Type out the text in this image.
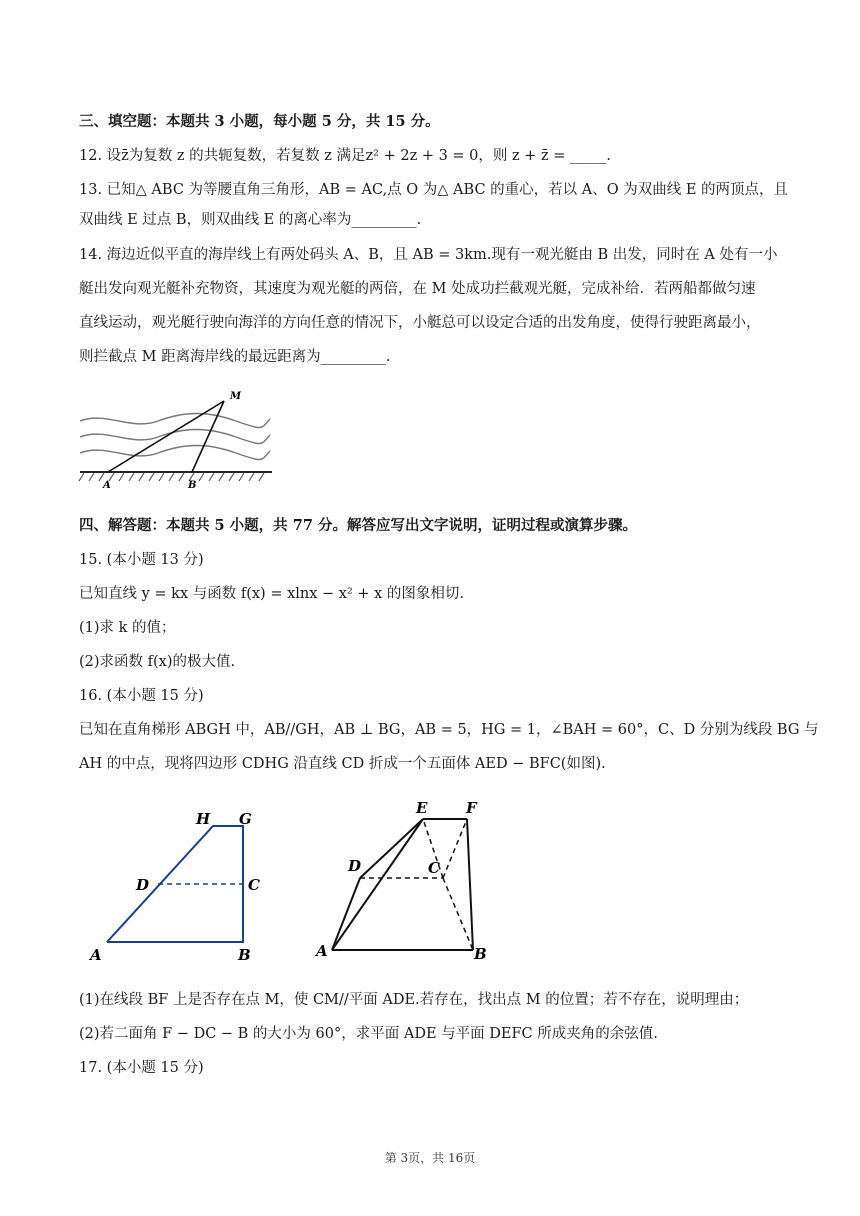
三、填空题：本题共 3 小题，每小题 5 分，共 15 分。
12. 设z̄为复数 z 的共轭复数，若复数 z 满足z² + 2z + 3 = 0，则 z + z̄ = _____.
13. 已知△ ABC 为等腰直角三角形，AB = AC,点 O 为△ ABC 的重心，若以 A、O 为双曲线 E 的两顶点，且
双曲线 E 过点 B，则双曲线 E 的离心率为_________.
14. 海边近似平直的海岸线上有两处码头 A、B，且 AB = 3km.现有一观光艇由 B 出发，同时在 A 处有一小
艇出发向观光艇补充物资，其速度为观光艇的两倍，在 M 处成功拦截观光艇，完成补给．若两船都做匀速
直线运动，观光艇行驶向海洋的方向任意的情况下，小艇总可以设定合适的出发角度，使得行驶距离最小，
则拦截点 M 距离海岸线的最远距离为_________.
A	B
M
四、解答题：本题共 5 小题，共 77 分。解答应写出文字说明，证明过程或演算步骤。
15. (本小题 13 分)
已知直线 y = kx 与函数 f(x) = xlnx − x² + x 的图象相切.
(1)求 k 的值；
(2)求函数 f(x)的极大值.
16. (本小题 15 分)
已知在直角梯形 ABGH 中，AB//GH，AB ⊥ BG，AB = 5，HG = 1，∠BAH = 60°，C、D 分别为线段 BG 与
AH 的中点，现将四边形 CDHG 沿直线 CD 折成一个五面体 AED − BFC(如图).
H G
D	C
A	B
E	F
D	C
A	B
(1)在线段 BF 上是否存在点 M，使 CM//平面 ADE.若存在，找出点 M 的位置；若不存在，说明理由；
(2)若二面角 F − DC − B 的大小为 60°，求平面 ADE 与平面 DEFC 所成夹角的余弦值.
17. (本小题 15 分)
第 3页，共 16页
